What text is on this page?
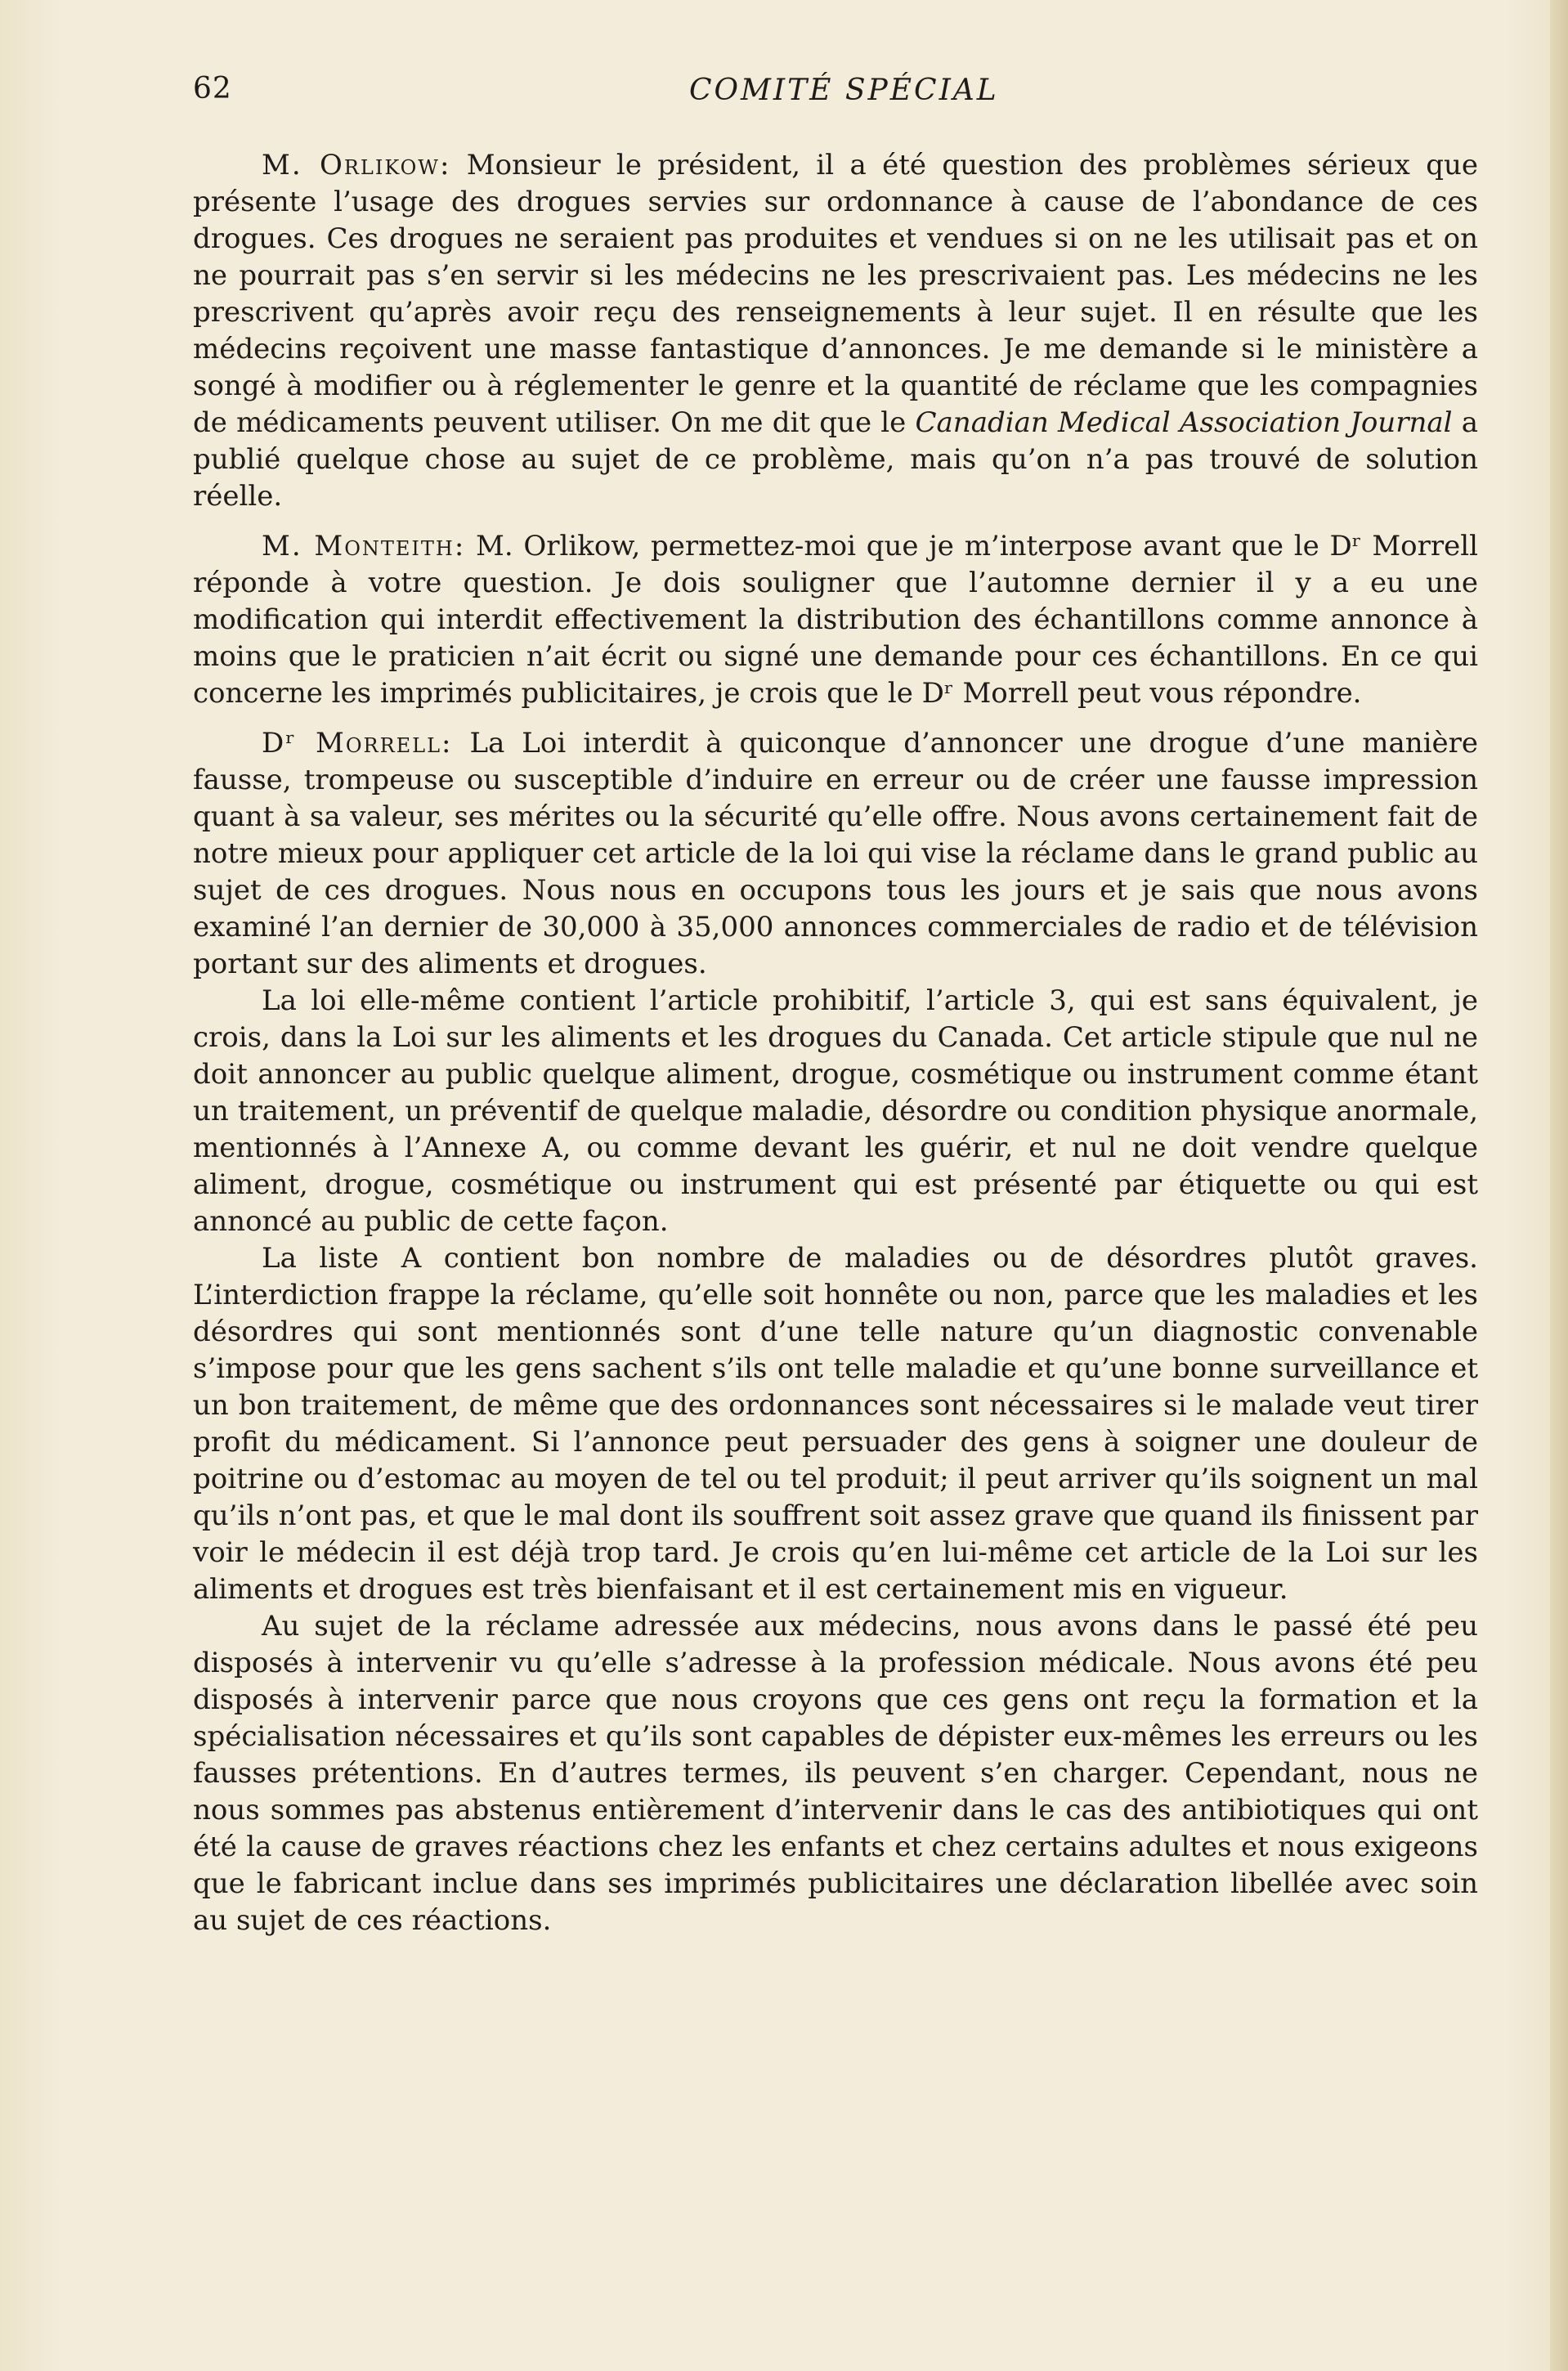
62	COMITÉ SPÉCIAL

M. Orlikow: Monsieur le président, il a été question des problèmes sérieux que présente l’usage des drogues servies sur ordonnance à cause de l’abondance de ces drogues. Ces drogues ne seraient pas produites et vendues si on ne les utilisait pas et on ne pourrait pas s’en servir si les médecins ne les prescrivaient pas. Les médecins ne les prescrivent qu’après avoir reçu des renseignements à leur sujet. Il en résulte que les médecins reçoivent une masse fantastique d’annonces. Je me demande si le ministère a songé à modifier ou à réglementer le genre et la quantité de réclame que les compagnies de médicaments peuvent utiliser. On me dit que le Canadian Medical Association Journal a publié quelque chose au sujet de ce problème, mais qu’on n’a pas trouvé de solution réelle.

M. Monteith: M. Orlikow, permettez-moi que je m’interpose avant que le Dʳ Morrell réponde à votre question. Je dois souligner que l’automne dernier il y a eu une modification qui interdit effectivement la distribution des échantillons comme annonce à moins que le praticien n’ait écrit ou signé une demande pour ces échantillons. En ce qui concerne les imprimés publicitaires, je crois que le Dʳ Morrell peut vous répondre.

Dʳ Morrell: La Loi interdit à quiconque d’annoncer une drogue d’une manière fausse, trompeuse ou susceptible d’induire en erreur ou de créer une fausse impression quant à sa valeur, ses mérites ou la sécurité qu’elle offre. Nous avons certainement fait de notre mieux pour appliquer cet article de la loi qui vise la réclame dans le grand public au sujet de ces drogues. Nous nous en occupons tous les jours et je sais que nous avons examiné l’an dernier de 30,000 à 35,000 annonces commerciales de radio et de télévision portant sur des aliments et drogues.

La loi elle-même contient l’article prohibitif, l’article 3, qui est sans équivalent, je crois, dans la Loi sur les aliments et les drogues du Canada. Cet article stipule que nul ne doit annoncer au public quelque aliment, drogue, cosmétique ou instrument comme étant un traitement, un préventif de quelque maladie, désordre ou condition physique anormale, mentionnés à l’Annexe A, ou comme devant les guérir, et nul ne doit vendre quelque aliment, drogue, cosmétique ou instrument qui est présenté par étiquette ou qui est annoncé au public de cette façon.

La liste A contient bon nombre de maladies ou de désordres plutôt graves. L’interdiction frappe la réclame, qu’elle soit honnête ou non, parce que les maladies et les désordres qui sont mentionnés sont d’une telle nature qu’un diagnostic convenable s’impose pour que les gens sachent s’ils ont telle maladie et qu’une bonne surveillance et un bon traitement, de même que des ordonnances sont nécessaires si le malade veut tirer profit du médicament. Si l’annonce peut persuader des gens à soigner une douleur de poitrine ou d’estomac au moyen de tel ou tel produit; il peut arriver qu’ils soignent un mal qu’ils n’ont pas, et que le mal dont ils souffrent soit assez grave que quand ils finissent par voir le médecin il est déjà trop tard. Je crois qu’en lui-même cet article de la Loi sur les aliments et drogues est très bienfaisant et il est certainement mis en vigueur.

Au sujet de la réclame adressée aux médecins, nous avons dans le passé été peu disposés à intervenir vu qu’elle s’adresse à la profession médicale. Nous avons été peu disposés à intervenir parce que nous croyons que ces gens ont reçu la formation et la spécialisation nécessaires et qu’ils sont capables de dépister eux-mêmes les erreurs ou les fausses prétentions. En d’autres termes, ils peuvent s’en charger. Cependant, nous ne nous sommes pas abstenus entièrement d’intervenir dans le cas des antibiotiques qui ont été la cause de graves réactions chez les enfants et chez certains adultes et nous exigeons que le fabricant inclue dans ses imprimés publicitaires une déclaration libellée avec soin au sujet de ces réactions.
